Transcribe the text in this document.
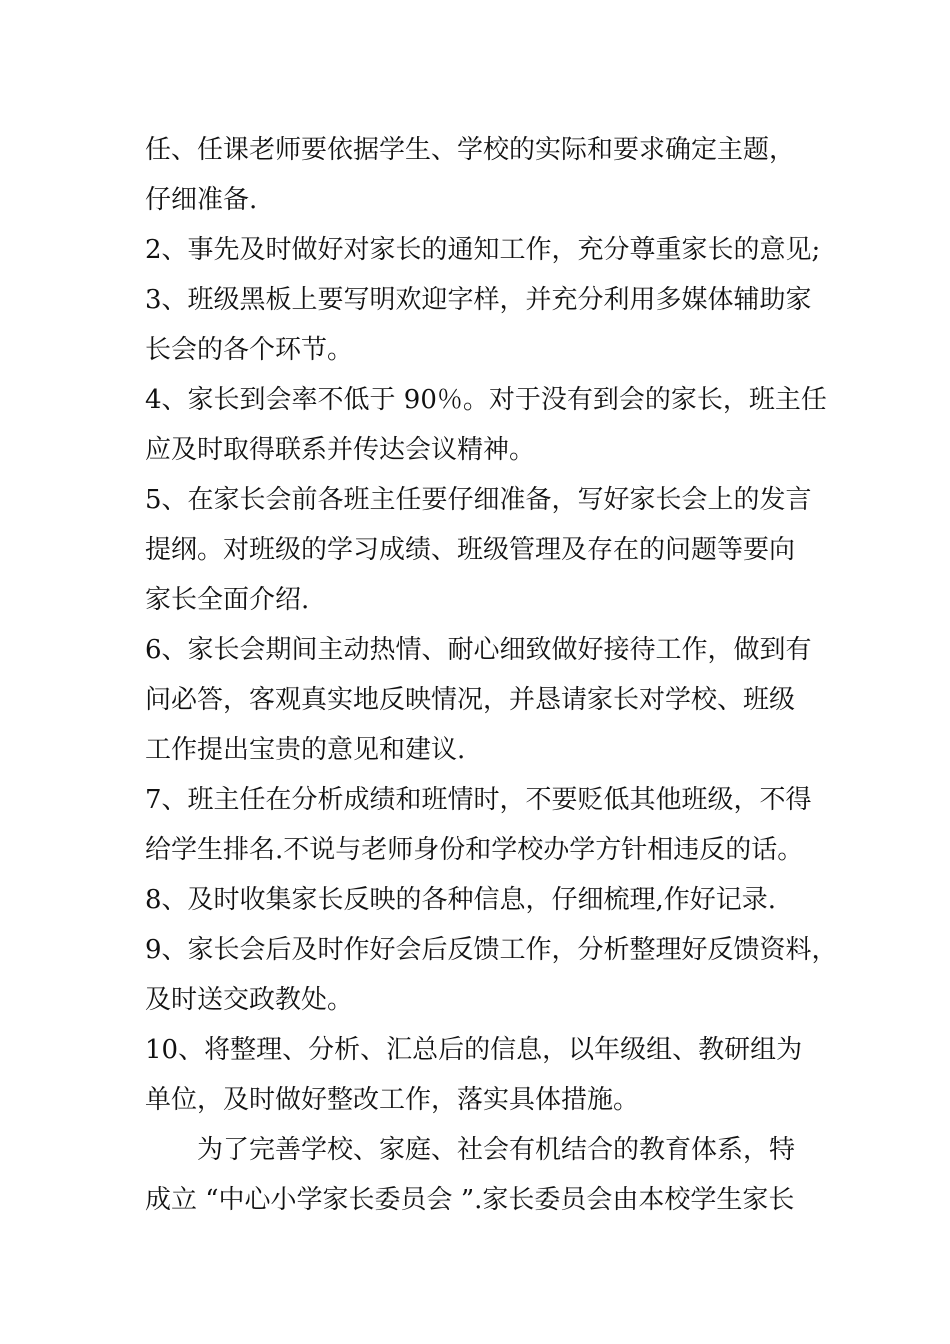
任、任课老师要依据学生、学校的实际和要求确定主题，
仔细准备.
2、事先及时做好对家长的通知工作，充分尊重家长的意见;
3、班级黑板上要写明欢迎字样，并充分利用多媒体辅助家
长会的各个环节。
4、家长到会率不低于 90％。对于没有到会的家长，班主任
应及时取得联系并传达会议精神。
5、在家长会前各班主任要仔细准备，写好家长会上的发言
提纲。对班级的学习成绩、班级管理及存在的问题等要向
家长全面介绍.
6、家长会期间主动热情、耐心细致做好接待工作，做到有
问必答，客观真实地反映情况，并恳请家长对学校、班级
工作提出宝贵的意见和建议.
7、班主任在分析成绩和班情时，不要贬低其他班级，不得
给学生排名.不说与老师身份和学校办学方针相违反的话。
8、及时收集家长反映的各种信息，仔细梳理,作好记录.
9、家长会后及时作好会后反馈工作，分析整理好反馈资料，
及时送交政教处。
10、将整理、分析、汇总后的信息，以年级组、教研组为
单位，及时做好整改工作，落实具体措施。
为了完善学校、家庭、社会有机结合的教育体系，特
成立 “中心小学家长委员会 ”.家长委员会由本校学生家长
